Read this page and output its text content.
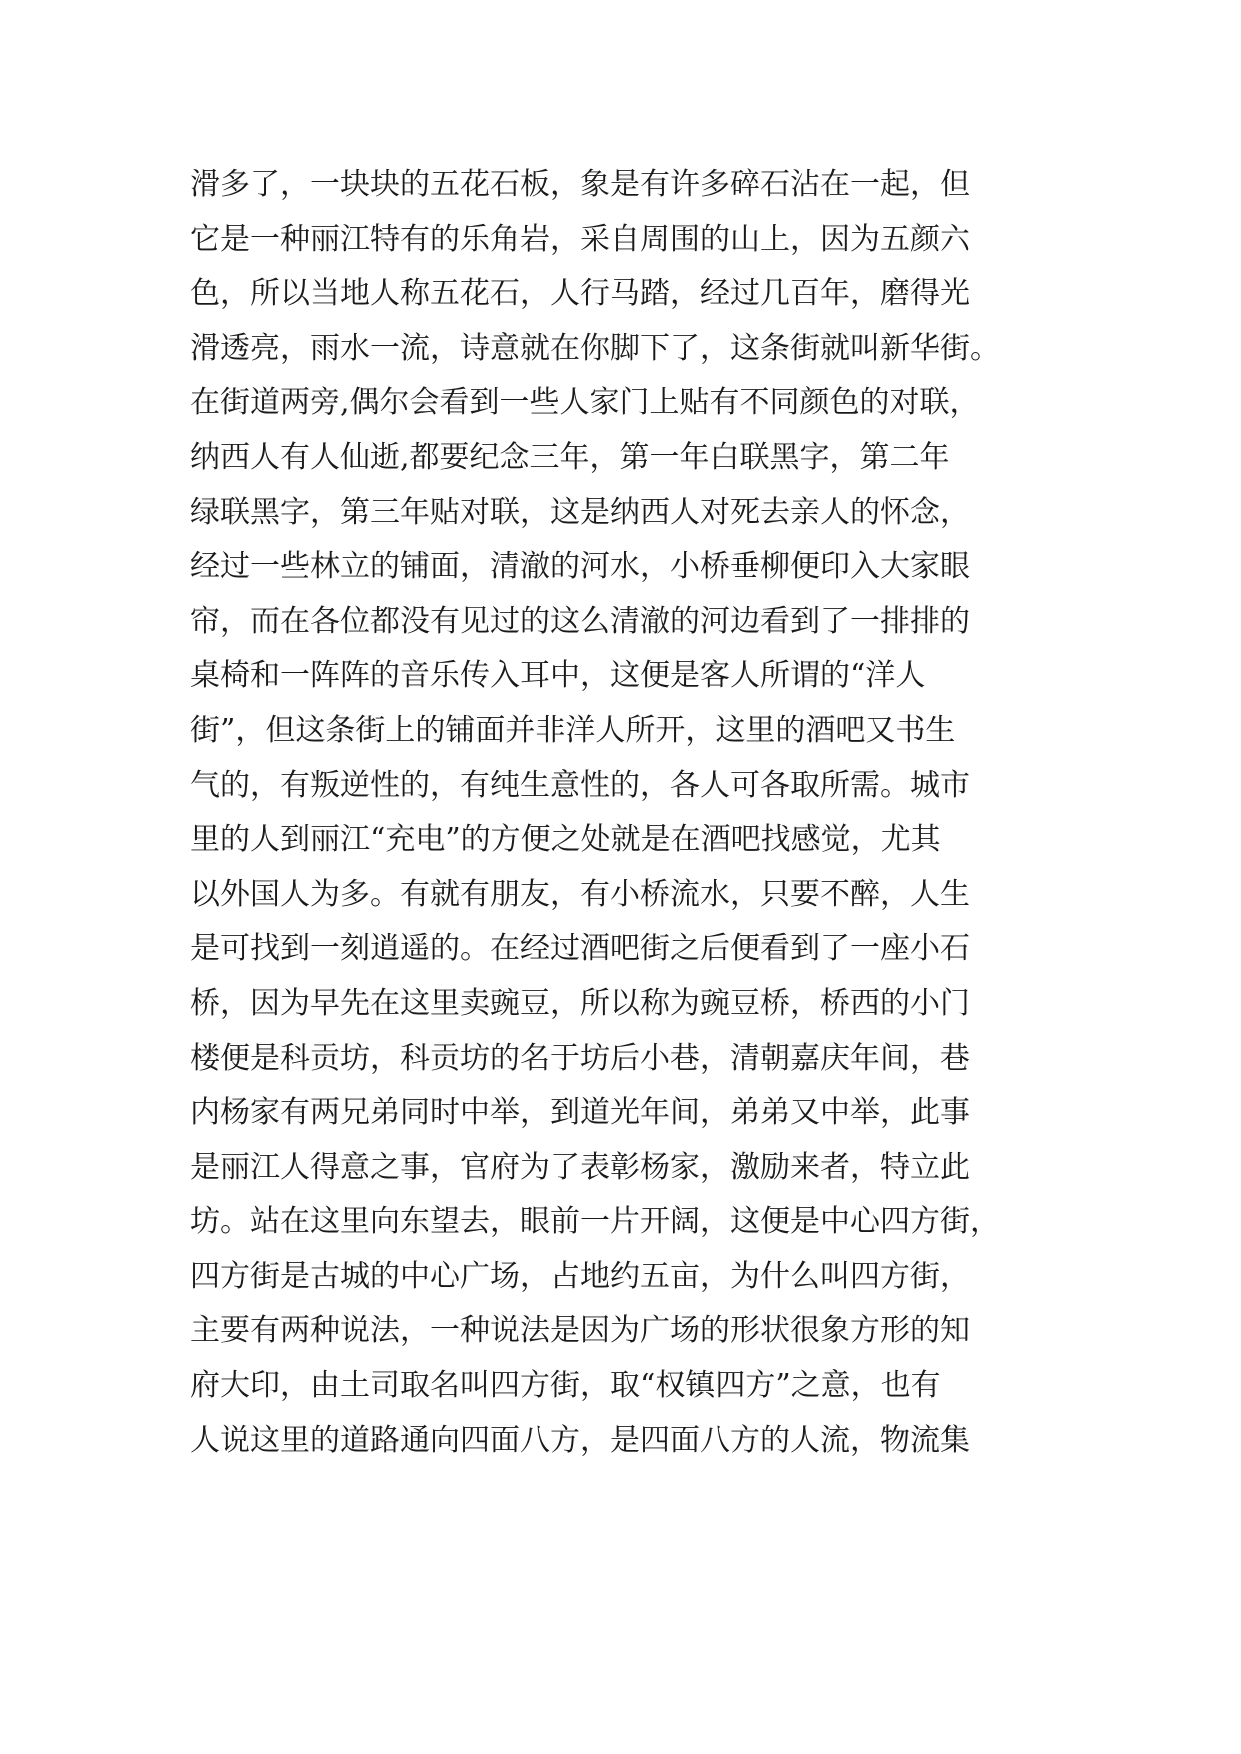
滑多了，一块块的五花石板，象是有许多碎石沾在一起，但
它是一种丽江特有的乐角岩，采自周围的山上，因为五颜六
色，所以当地人称五花石，人行马踏，经过几百年，磨得光
滑透亮，雨水一流，诗意就在你脚下了，这条街就叫新华街。
在街道两旁,偶尔会看到一些人家门上贴有不同颜色的对联，
纳西人有人仙逝,都要纪念三年，第一年白联黑字，第二年
绿联黑字，第三年贴对联，这是纳西人对死去亲人的怀念，
经过一些林立的铺面，清澈的河水，小桥垂柳便印入大家眼
帘，而在各位都没有见过的这么清澈的河边看到了一排排的
桌椅和一阵阵的音乐传入耳中，这便是客人所谓的“洋人
街”，但这条街上的铺面并非洋人所开，这里的酒吧又书生
气的，有叛逆性的，有纯生意性的，各人可各取所需。城市
里的人到丽江“充电”的方便之处就是在酒吧找感觉，尤其
以外国人为多。有就有朋友，有小桥流水，只要不醉，人生
是可找到一刻逍遥的。在经过酒吧街之后便看到了一座小石
桥，因为早先在这里卖豌豆，所以称为豌豆桥，桥西的小门
楼便是科贡坊，科贡坊的名于坊后小巷，清朝嘉庆年间，巷
内杨家有两兄弟同时中举，到道光年间，弟弟又中举，此事
是丽江人得意之事，官府为了表彰杨家，激励来者，特立此
坊。站在这里向东望去，眼前一片开阔，这便是中心四方街，
四方街是古城的中心广场，占地约五亩，为什么叫四方街，
主要有两种说法，一种说法是因为广场的形状很象方形的知
府大印，由土司取名叫四方街，取“权镇四方”之意，也有
人说这里的道路通向四面八方，是四面八方的人流，物流集
